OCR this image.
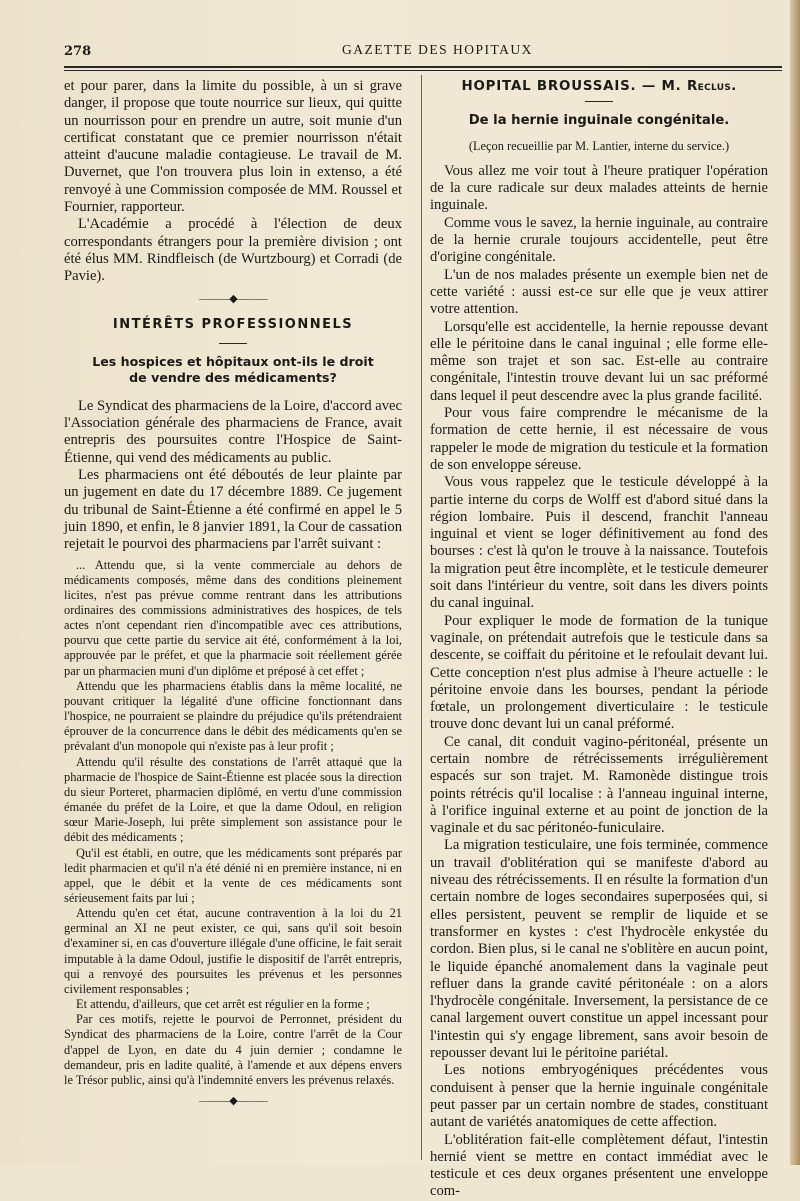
278	GAZETTE DES HOPITAUX

et pour parer, dans la limite du possible, à un si grave danger, il propose que toute nourrice sur lieux, qui quitte un nourrisson pour en prendre un autre, soit munie d'un certificat constatant que ce premier nourrisson n'était atteint d'aucune maladie contagieuse. Le travail de M. Duvernet, que l'on trouvera plus loin in extenso, a été renvoyé à une Commission composée de MM. Roussel et Fournier, rapporteur.

L'Académie a procédé à l'élection de deux correspondants étrangers pour la première division ; ont été élus MM. Rindfleisch (de Wurtzbourg) et Corradi (de Pavie).

———◆———
INTÉRÊTS PROFESSIONNELS
Les hospices et hôpitaux ont-ils le droit de vendre des médicaments?

Le Syndicat des pharmaciens de la Loire, d'accord avec l'Association générale des pharmaciens de France, avait entrepris des poursuites contre l'Hospice de Saint-Étienne, qui vend des médicaments au public.

Les pharmaciens ont été déboutés de leur plainte par un jugement en date du 17 décembre 1889. Ce jugement du tribunal de Saint-Étienne a été confirmé en appel le 5 juin 1890, et enfin, le 8 janvier 1891, la Cour de cassation rejetait le pourvoi des pharmaciens par l'arrêt suivant :

... Attendu que, si la vente commerciale au dehors de médicaments composés, même dans des conditions pleinement licites, n'est pas prévue comme rentrant dans les attributions ordinaires des commissions administratives des hospices, de tels actes n'ont cependant rien d'incompatible avec ces attributions, pourvu que cette partie du service ait été, conformément à la loi, approuvée par le préfet, et que la pharmacie soit réellement gérée par un pharmacien muni d'un diplôme et préposé à cet effet ;

Attendu que les pharmaciens établis dans la même localité, ne pouvant critiquer la légalité d'une officine fonctionnant dans l'hospice, ne pourraient se plaindre du préjudice qu'ils prétendraient éprouver de la concurrence dans le débit des médicaments qu'en se prévalant d'un monopole qui n'existe pas à leur profit ;

Attendu qu'il résulte des constations de l'arrêt attaqué que la pharmacie de l'hospice de Saint-Étienne est placée sous la direction du sieur Porteret, pharmacien diplômé, en vertu d'une commission émanée du préfet de la Loire, et que la dame Odoul, en religion sœur Marie-Joseph, lui prête simplement son assistance pour le débit des médicaments ;

Qu'il est établi, en outre, que les médicaments sont préparés par ledit pharmacien et qu'il n'a été dénié ni en première instance, ni en appel, que le débit et la vente de ces médicaments sont sérieusement faits par lui ;

Attendu qu'en cet état, aucune contravention à la loi du 21 germinal an XI ne peut exister, ce qui, sans qu'il soit besoin d'examiner si, en cas d'ouverture illégale d'une officine, le fait serait imputable à la dame Odoul, justifie le dispositif de l'arrêt entrepris, qui a renvoyé des poursuites les prévenus et les personnes civilement responsables ;

Et attendu, d'ailleurs, que cet arrêt est régulier en la forme ;

Par ces motifs, rejette le pourvoi de Perronnet, président du Syndicat des pharmaciens de la Loire, contre l'arrêt de la Cour d'appel de Lyon, en date du 4 juin dernier ; condamne le demandeur, pris en ladite qualité, à l'amende et aux dépens envers le Trésor public, ainsi qu'à l'indemnité envers les prévenus relaxés.

———◆———
HOPITAL BROUSSAIS. — M. Reclus.
De la hernie inguinale congénitale.
(Leçon recueillie par M. Lantier, interne du service.)

Vous allez me voir tout à l'heure pratiquer l'opération de la cure radicale sur deux malades atteints de hernie inguinale.

Comme vous le savez, la hernie inguinale, au contraire de la hernie crurale toujours accidentelle, peut être d'origine congénitale.

L'un de nos malades présente un exemple bien net de cette variété : aussi est-ce sur elle que je veux attirer votre attention.

Lorsqu'elle est accidentelle, la hernie repousse devant elle le péritoine dans le canal inguinal ; elle forme elle-même son trajet et son sac. Est-elle au contraire congénitale, l'intestin trouve devant lui un sac préformé dans lequel il peut descendre avec la plus grande facilité.

Pour vous faire comprendre le mécanisme de la formation de cette hernie, il est nécessaire de vous rappeler le mode de migration du testicule et la formation de son enveloppe séreuse.

Vous vous rappelez que le testicule développé à la partie interne du corps de Wolff est d'abord situé dans la région lombaire. Puis il descend, franchit l'anneau inguinal et vient se loger définitivement au fond des bourses : c'est là qu'on le trouve à la naissance. Toutefois la migration peut être incomplète, et le testicule demeurer soit dans l'intérieur du ventre, soit dans les divers points du canal inguinal.

Pour expliquer le mode de formation de la tunique vaginale, on prétendait autrefois que le testicule dans sa descente, se coiffait du péritoine et le refoulait devant lui. Cette conception n'est plus admise à l'heure actuelle : le péritoine envoie dans les bourses, pendant la période fœtale, un prolongement diverticulaire : le testicule trouve donc devant lui un canal préformé.

Ce canal, dit conduit vagino-péritonéal, présente un certain nombre de rétrécissements irrégulièrement espacés sur son trajet. M. Ramonède distingue trois points rétrécis qu'il localise : à l'anneau inguinal interne, à l'orifice inguinal externe et au point de jonction de la vaginale et du sac péritonéo-funiculaire.

La migration testiculaire, une fois terminée, commence un travail d'oblitération qui se manifeste d'abord au niveau des rétrécissements. Il en résulte la formation d'un certain nombre de loges secondaires superposées qui, si elles persistent, peuvent se remplir de liquide et se transformer en kystes : c'est l'hydrocèle enkystée du cordon. Bien plus, si le canal ne s'oblitère en aucun point, le liquide épanché anomalement dans la vaginale peut refluer dans la grande cavité péritonéale : on a alors l'hydrocèle congénitale. Inversement, la persistance de ce canal largement ouvert constitue un appel incessant pour l'intestin qui s'y engage librement, sans avoir besoin de repousser devant lui le péritoine pariétal.

Les notions embryogéniques précédentes vous conduisent à penser que la hernie inguinale congénitale peut passer par un certain nombre de stades, constituant autant de variétés anatomiques de cette affection.

L'oblitération fait-elle complètement défaut, l'intestin hernié vient se mettre en contact immédiat avec le testicule et ces deux organes présentent une enveloppe com-
